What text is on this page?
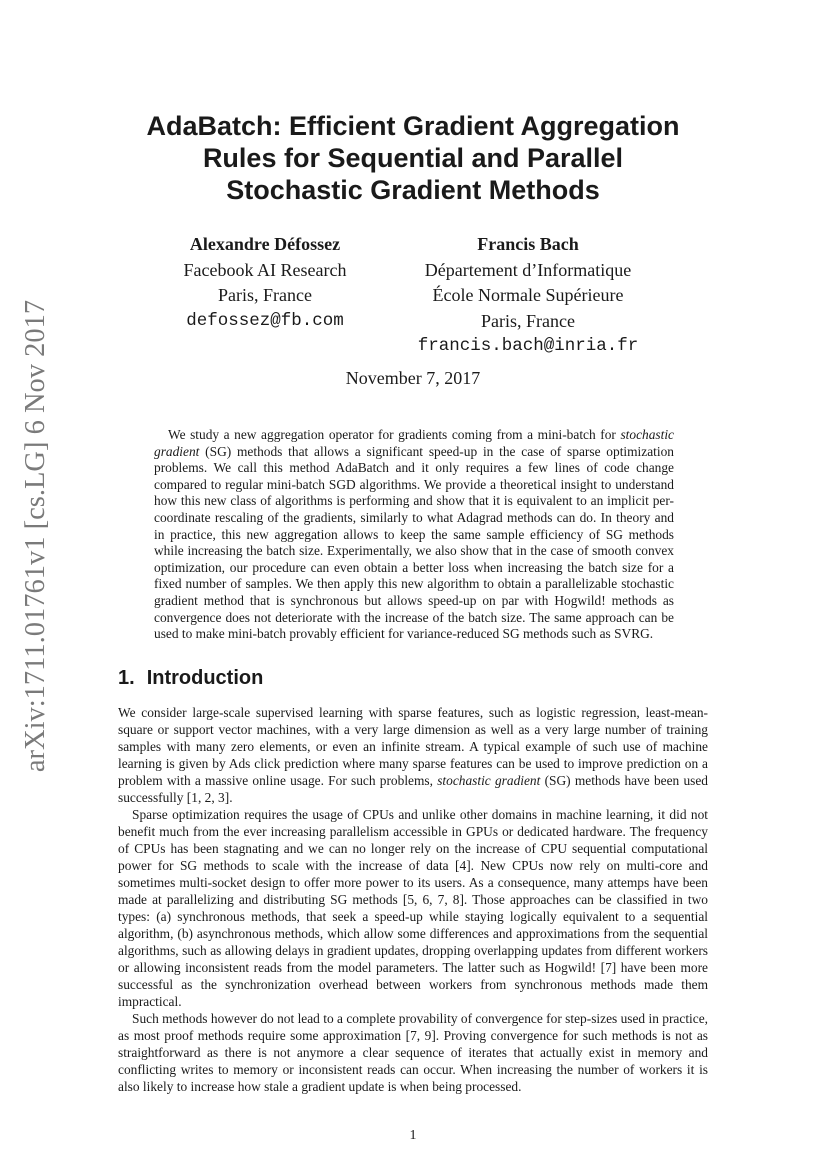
arXiv:1711.01761v1 [cs.LG] 6 Nov 2017
AdaBatch: Efficient Gradient Aggregation
Rules for Sequential and Parallel
Stochastic Gradient Methods
Alexandre Défossez
Facebook AI Research
Paris, France
defossez@fb.com
Francis Bach
Département d’Informatique
École Normale Supérieure
Paris, France
francis.bach@inria.fr
November 7, 2017

We study a new aggregation operator for gradients coming from a mini-batch for stochastic gradient (SG) methods that allows a significant speed-up in the case of sparse optimization problems. We call this method AdaBatch and it only requires a few lines of code change compared to regular mini-batch SGD algorithms. We provide a theoretical insight to understand how this new class of algorithms is performing and show that it is equivalent to an implicit per-coordinate rescaling of the gradients, similarly to what Adagrad methods can do. In theory and in practice, this new aggregation allows to keep the same sample efficiency of SG methods while increasing the batch size. Experimentally, we also show that in the case of smooth convex optimization, our procedure can even obtain a better loss when increasing the batch size for a fixed number of samples. We then apply this new algorithm to obtain a parallelizable stochastic gradient method that is synchronous but allows speed-up on par with Hogwild! methods as convergence does not deteriorate with the increase of the batch size. The same approach can be used to make mini-batch provably efficient for variance-reduced SG methods such as SVRG.

1. Introduction

We consider large-scale supervised learning with sparse features, such as logistic regression, least-mean-square or support vector machines, with a very large dimension as well as a very large number of training samples with many zero elements, or even an infinite stream. A typical example of such use of machine learning is given by Ads click prediction where many sparse features can be used to improve prediction on a problem with a massive online usage. For such problems, stochastic gradient (SG) methods have been used successfully [1, 2, 3].

Sparse optimization requires the usage of CPUs and unlike other domains in machine learning, it did not benefit much from the ever increasing parallelism accessible in GPUs or dedicated hardware. The frequency of CPUs has been stagnating and we can no longer rely on the increase of CPU sequential computational power for SG methods to scale with the increase of data [4]. New CPUs now rely on multi-core and sometimes multi-socket design to offer more power to its users. As a consequence, many attemps have been made at parallelizing and distributing SG methods [5, 6, 7, 8]. Those approaches can be classified in two types: (a) synchronous methods, that seek a speed-up while staying logically equivalent to a sequential algorithm, (b) asynchronous methods, which allow some differences and approximations from the sequential algorithms, such as allowing delays in gradient updates, dropping overlapping updates from different workers or allowing inconsistent reads from the model parameters. The latter such as Hogwild! [7] have been more successful as the synchronization overhead between workers from synchronous methods made them impractical.

Such methods however do not lead to a complete provability of convergence for step-sizes used in practice, as most proof methods require some approximation [7, 9]. Proving convergence for such methods is not as straightforward as there is not anymore a clear sequence of iterates that actually exist in memory and conflicting writes to memory or inconsistent reads can occur. When increasing the number of workers it is also likely to increase how stale a gradient update is when being processed.

1
